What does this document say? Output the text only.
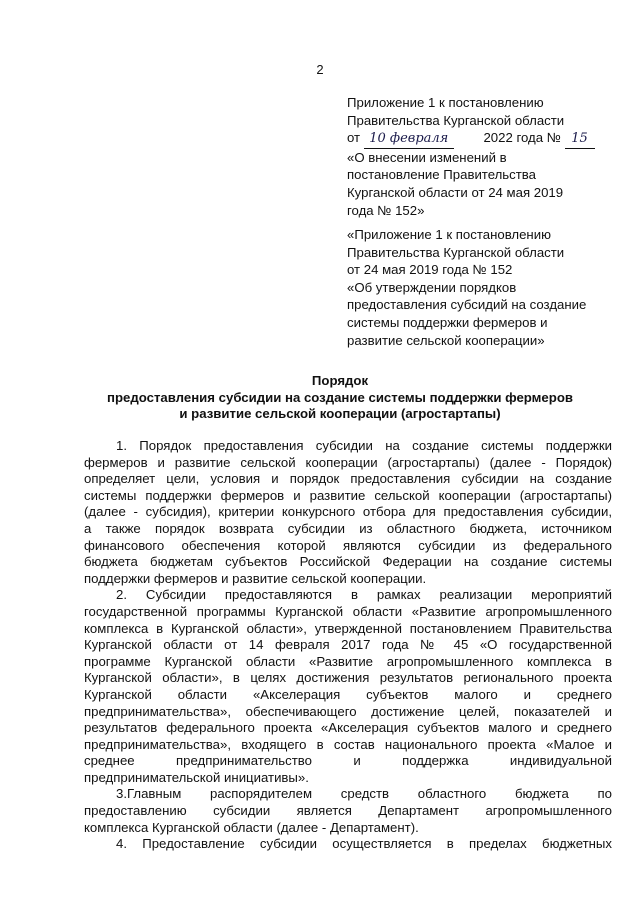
2
Приложение 1 к постановлению
Правительства Курганской области
от 10 февраля	2022 года № 15
«О внесении изменений в
постановление Правительства
Курганской области от 24 мая 2019
года № 152»
«Приложение 1 к постановлению
Правительства Курганской области
от 24 мая 2019 года № 152
«Об утверждении порядков
предоставления субсидий на создание
системы поддержки фермеров и
развитие сельской кооперации»
Порядок
предоставления субсидии на создание системы поддержки фермеров
и развитие сельской кооперации (агростартапы)
1. Порядок предоставления субсидии на создание системы поддержки
фермеров и развитие сельской кооперации (агростартапы) (далее - Порядок)
определяет цели, условия и порядок предоставления субсидии на создание
системы поддержки фермеров и развитие сельской кооперации (агростартапы)
(далее - субсидия), критерии конкурсного отбора для предоставления субсидии,
а также порядок возврата субсидии из областного бюджета, источником
финансового обеспечения которой являются субсидии из федерального
бюджета бюджетам субъектов Российской Федерации на создание системы
поддержки фермеров и развитие сельской кооперации.
2. Субсидии предоставляются в рамках реализации мероприятий
государственной программы Курганской области «Развитие агропромышленного
комплекса в Курганской области», утвержденной постановлением Правительства
Курганской области от 14 февраля 2017 года № 45 «О государственной
программе Курганской области «Развитие агропромышленного комплекса в
Курганской области», в целях достижения результатов регионального проекта
Курганской области «Акселерация субъектов малого и среднего
предпринимательства», обеспечивающего достижение целей, показателей и
результатов федерального проекта «Акселерация субъектов малого и среднего
предпринимательства», входящего в состав национального проекта «Малое и
среднее предпринимательство и поддержка индивидуальной
предпринимательской инициативы».
3.Главным распорядителем средств областного бюджета по
предоставлению субсидии является Департамент агропромышленного
комплекса Курганской области (далее - Департамент).
4. Предоставление субсидии осуществляется в пределах бюджетных
